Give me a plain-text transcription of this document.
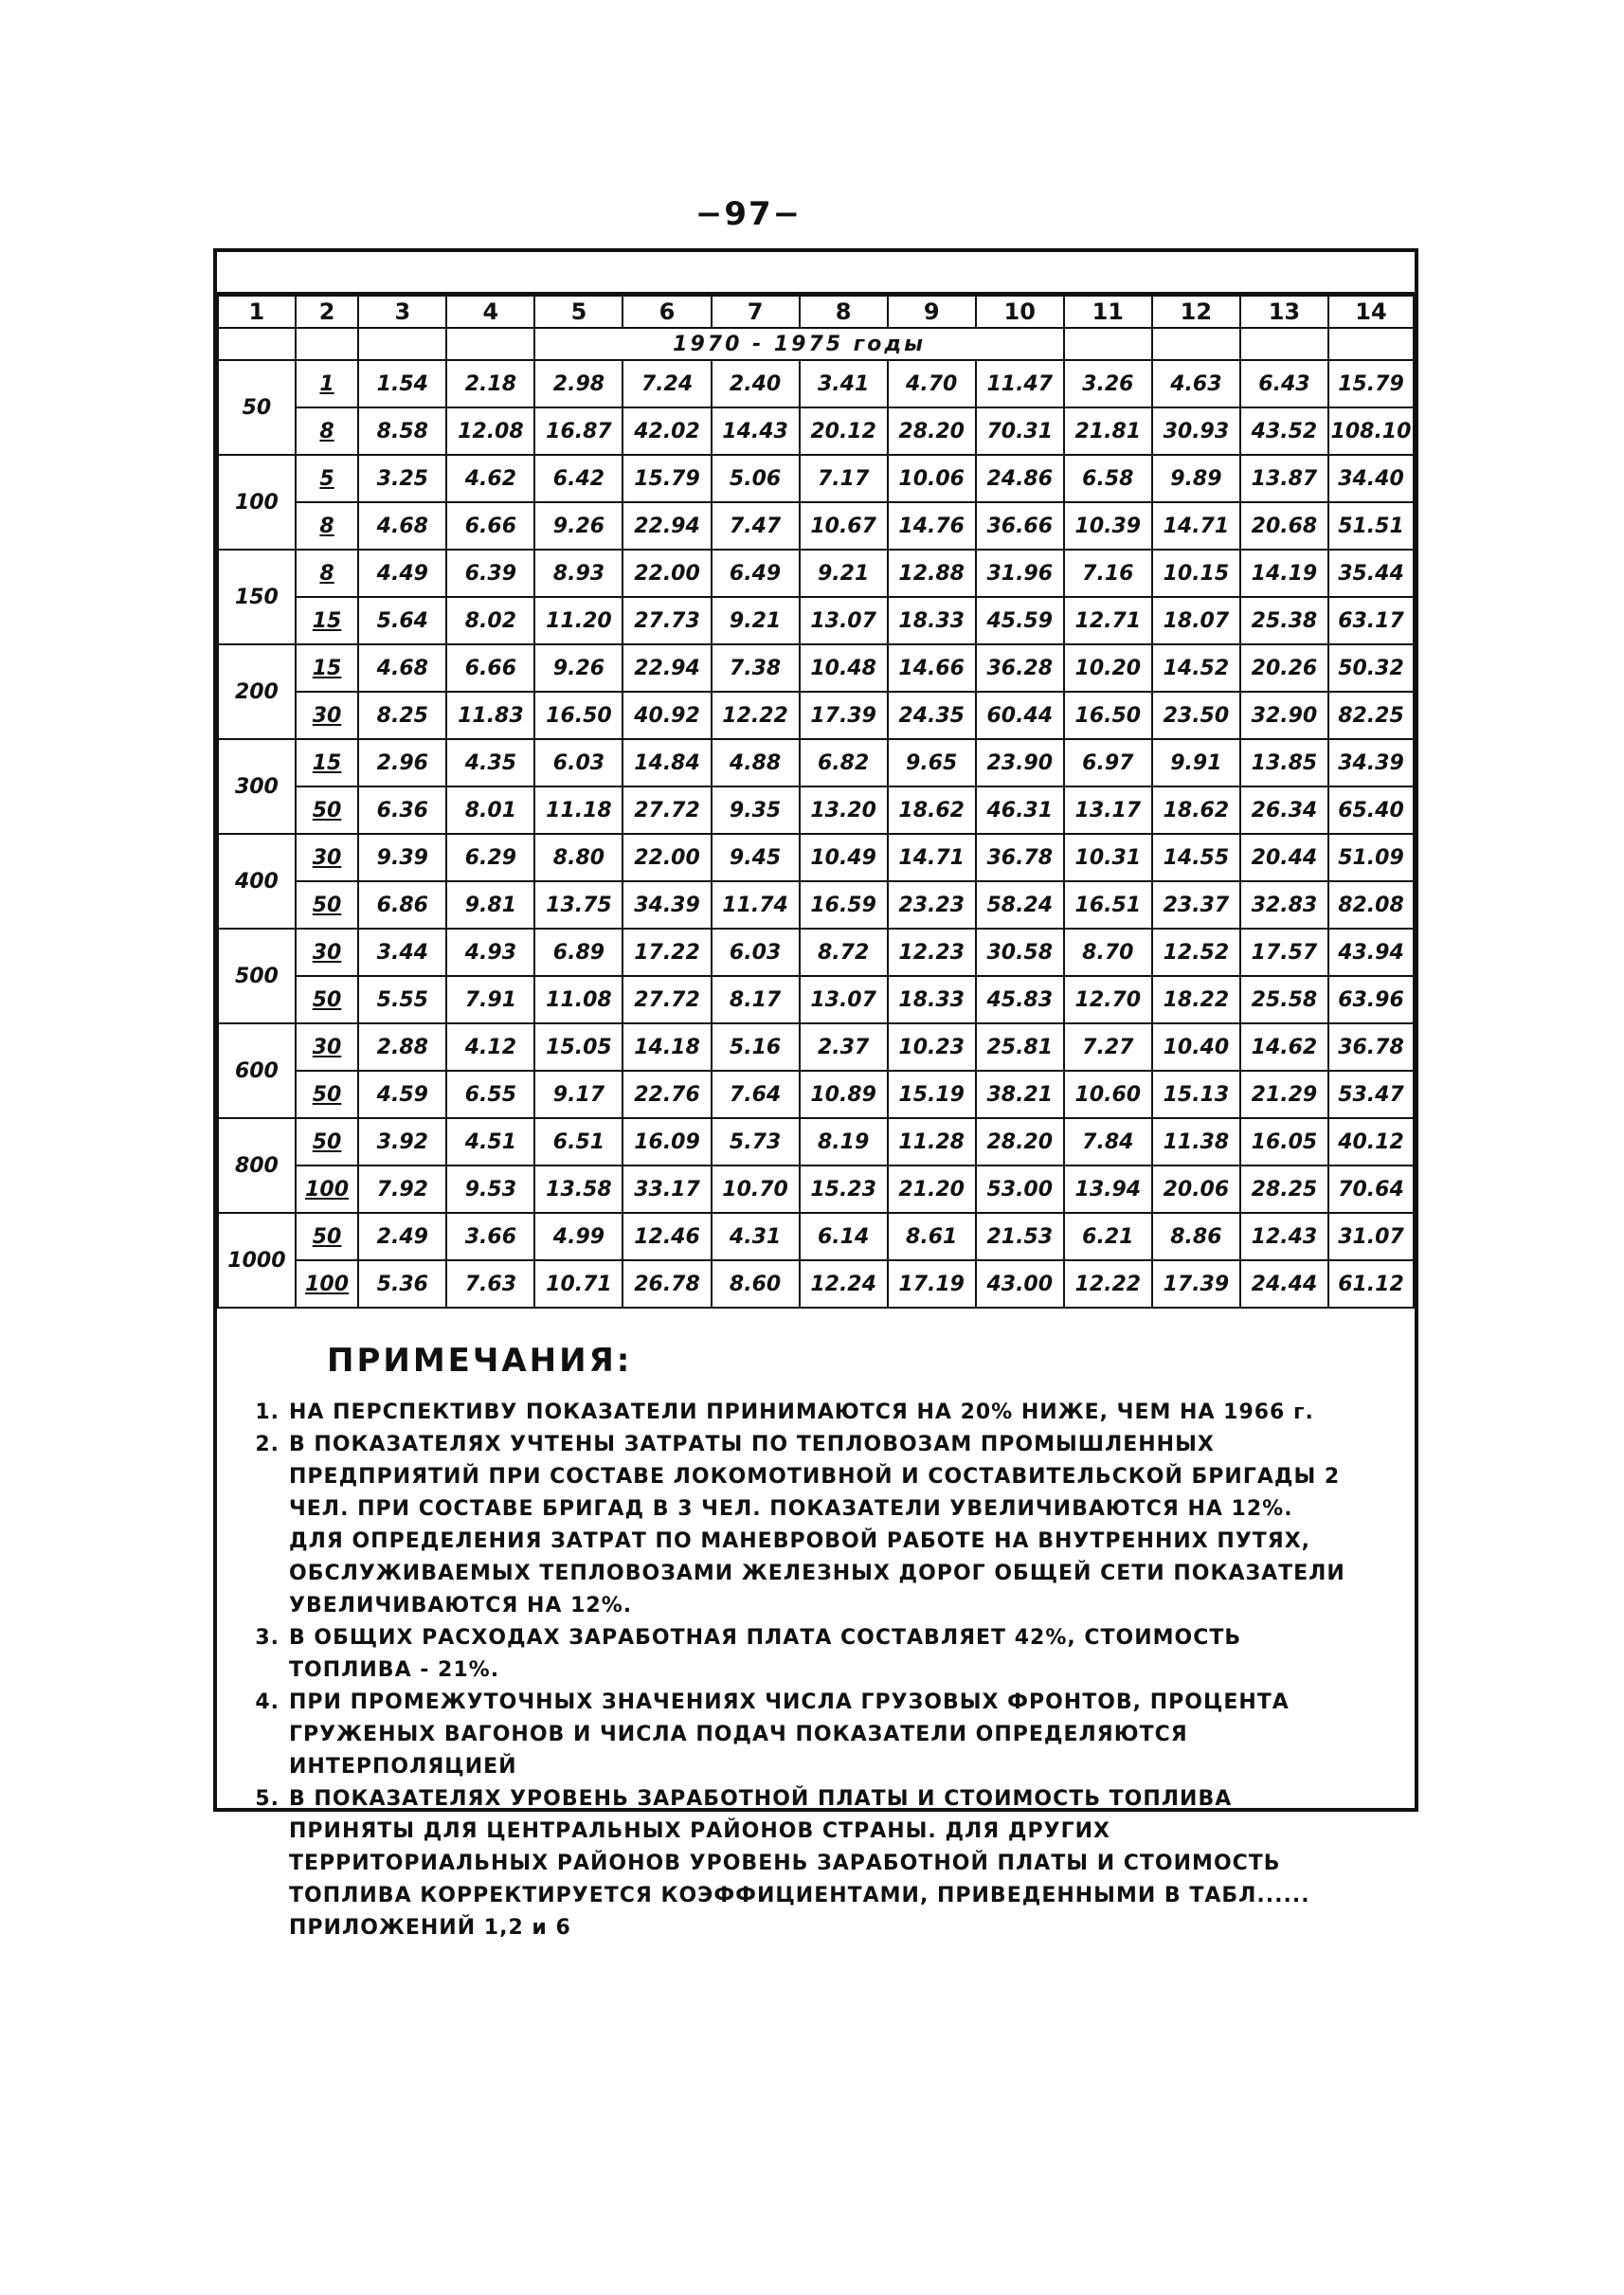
−97−
1	2	3	4	5	6	7	8	9	10	11	12	13	14
				1970 - 1975 годы									
50	1	1.54	2.18	2.98	7.24	2.40	3.41	4.70	11.47	3.26	4.63	6.43	15.79
	8	8.58	12.08	16.87	42.02	14.43	20.12	28.20	70.31	21.81	30.93	43.52	108.10
100	5	3.25	4.62	6.42	15.79	5.06	7.17	10.06	24.86	6.58	9.89	13.87	34.40
	8	4.68	6.66	9.26	22.94	7.47	10.67	14.76	36.66	10.39	14.71	20.68	51.51
150	8	4.49	6.39	8.93	22.00	6.49	9.21	12.88	31.96	7.16	10.15	14.19	35.44
	15	5.64	8.02	11.20	27.73	9.21	13.07	18.33	45.59	12.71	18.07	25.38	63.17
200	15	4.68	6.66	9.26	22.94	7.38	10.48	14.66	36.28	10.20	14.52	20.26	50.32
	30	8.25	11.83	16.50	40.92	12.22	17.39	24.35	60.44	16.50	23.50	32.90	82.25
300	15	2.96	4.35	6.03	14.84	4.88	6.82	9.65	23.90	6.97	9.91	13.85	34.39
	50	6.36	8.01	11.18	27.72	9.35	13.20	18.62	46.31	13.17	18.62	26.34	65.40
400	30	9.39	6.29	8.80	22.00	9.45	10.49	14.71	36.78	10.31	14.55	20.44	51.09
	50	6.86	9.81	13.75	34.39	11.74	16.59	23.23	58.24	16.51	23.37	32.83	82.08
500	30	3.44	4.93	6.89	17.22	6.03	8.72	12.23	30.58	8.70	12.52	17.57	43.94
	50	5.55	7.91	11.08	27.72	8.17	13.07	18.33	45.83	12.70	18.22	25.58	63.96
600	30	2.88	4.12	15.05	14.18	5.16	2.37	10.23	25.81	7.27	10.40	14.62	36.78
	50	4.59	6.55	9.17	22.76	7.64	10.89	15.19	38.21	10.60	15.13	21.29	53.47
800	50	3.92	4.51	6.51	16.09	5.73	8.19	11.28	28.20	7.84	11.38	16.05	40.12
	100	7.92	9.53	13.58	33.17	10.70	15.23	21.20	53.00	13.94	20.06	28.25	70.64
1000	50	2.49	3.66	4.99	12.46	4.31	6.14	8.61	21.53	6.21	8.86	12.43	31.07
	100	5.36	7.63	10.71	26.78	8.60	12.24	17.19	43.00	12.22	17.39	24.44	61.12
ПРИМЕЧАНИЯ:
1. НА ПЕРСПЕКТИВУ ПОКАЗАТЕЛИ ПРИНИМАЮТСЯ НА 20% НИЖЕ, ЧЕМ НА 1966 г.
2. В ПОКАЗАТЕЛЯХ УЧТЕНЫ ЗАТРАТЫ ПО ТЕПЛОВОЗАМ ПРОМЫШЛЕННЫХ ПРЕДПРИЯТИЙ ПРИ СОСТАВЕ ЛОКОМОТИВНОЙ И СОСТАВИТЕЛЬСКОЙ БРИГАДЫ 2 ЧЕЛ. ПРИ СОСТАВЕ БРИГАД В 3 ЧЕЛ. ПОКАЗАТЕЛИ УВЕЛИЧИВАЮТСЯ НА 12%. ДЛЯ ОПРЕДЕЛЕНИЯ ЗАТРАТ ПО МАНЕВРОВОЙ РАБОТЕ НА ВНУТРЕННИХ ПУТЯХ, ОБСЛУЖИВАЕМЫХ ТЕПЛОВОЗАМИ ЖЕЛЕЗНЫХ ДОРОГ ОБЩЕЙ СЕТИ ПОКАЗАТЕЛИ УВЕЛИЧИВАЮТСЯ НА 12%.
3. В ОБЩИХ РАСХОДАХ ЗАРАБОТНАЯ ПЛАТА СОСТАВЛЯЕТ 42%, СТОИМОСТЬ ТОПЛИВА - 21%.
4. ПРИ ПРОМЕЖУТОЧНЫХ ЗНАЧЕНИЯХ ЧИСЛА ГРУЗОВЫХ ФРОНТОВ, ПРОЦЕНТА ГРУЖЕНЫХ ВАГОНОВ И ЧИСЛА ПОДАЧ ПОКАЗАТЕЛИ ОПРЕДЕЛЯЮТСЯ ИНТЕРПОЛЯЦИЕЙ
5. В ПОКАЗАТЕЛЯХ УРОВЕНЬ ЗАРАБОТНОЙ ПЛАТЫ И СТОИМОСТЬ ТОПЛИВА ПРИНЯТЫ ДЛЯ ЦЕНТРАЛЬНЫХ РАЙОНОВ СТРАНЫ. ДЛЯ ДРУГИХ ТЕРРИТОРИАЛЬНЫХ РАЙОНОВ УРОВЕНЬ ЗАРАБОТНОЙ ПЛАТЫ И СТОИМОСТЬ ТОПЛИВА КОРРЕКТИРУЕТСЯ КОЭФФИЦИЕНТАМИ, ПРИВЕДЕННЫМИ В ТАБЛ...... ПРИЛОЖЕНИЙ 1,2 и 6
